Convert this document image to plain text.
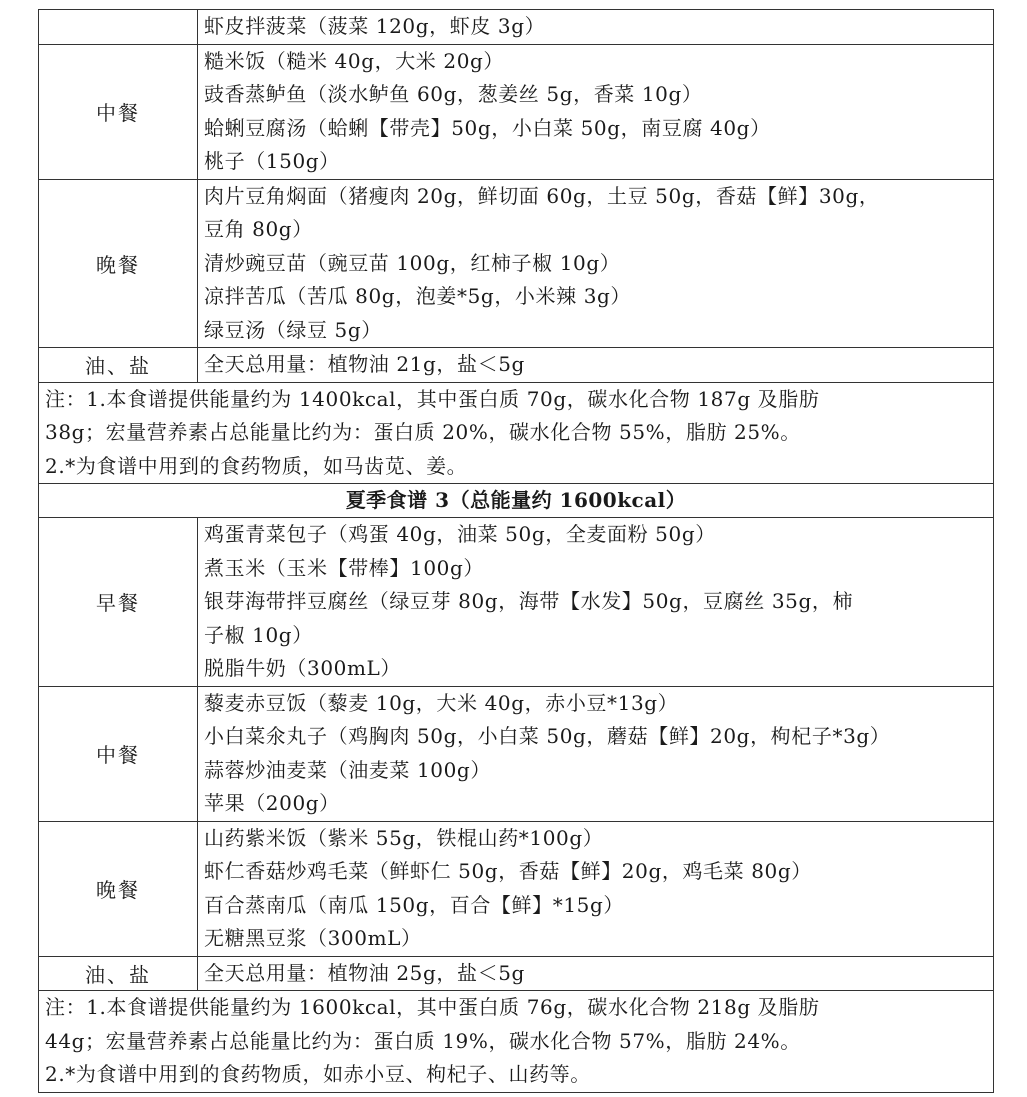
	虾皮拌菠菜（菠菜 120g，虾皮 3g）

中餐	糙米饭（糙米 40g，大米 20g）
豉香蒸鲈鱼（淡水鲈鱼 60g，葱姜丝 5g，香菜 10g）
蛤蜊豆腐汤（蛤蜊【带壳】50g，小白菜 50g，南豆腐 40g）
桃子（150g）

晚餐	肉片豆角焖面（猪瘦肉 20g，鲜切面 60g，土豆 50g，香菇【鲜】30g，
豆角 80g）
清炒豌豆苗（豌豆苗 100g，红柿子椒 10g）
凉拌苦瓜（苦瓜 80g，泡姜*5g，小米辣 3g）
绿豆汤（绿豆 5g）

油、盐	全天总用量：植物油 21g，盐＜5g

注：1.本食谱提供能量约为 1400kcal，其中蛋白质 70g，碳水化合物 187g 及脂肪
38g；宏量营养素占总能量比约为：蛋白质 20%，碳水化合物 55%，脂肪 25%。
2.*为食谱中用到的食药物质，如马齿苋、姜。	

夏季食谱 3（总能量约 1600kcal）	
早餐	鸡蛋青菜包子（鸡蛋 40g，油菜 50g，全麦面粉 50g）
煮玉米（玉米【带棒】100g）
银芽海带拌豆腐丝（绿豆芽 80g，海带【水发】50g，豆腐丝 35g，柿
子椒 10g）
脱脂牛奶（300mL）

中餐	藜麦赤豆饭（藜麦 10g，大米 40g，赤小豆*13g）
小白菜氽丸子（鸡胸肉 50g，小白菜 50g，蘑菇【鲜】20g，枸杞子*3g）
蒜蓉炒油麦菜（油麦菜 100g）
苹果（200g）

晚餐	山药紫米饭（紫米 55g，铁棍山药*100g）
虾仁香菇炒鸡毛菜（鲜虾仁 50g，香菇【鲜】20g，鸡毛菜 80g）
百合蒸南瓜（南瓜 150g，百合【鲜】*15g）
无糖黑豆浆（300mL）

油、盐	全天总用量：植物油 25g，盐＜5g

注：1.本食谱提供能量约为 1600kcal，其中蛋白质 76g，碳水化合物 218g 及脂肪
44g；宏量营养素占总能量比约为：蛋白质 19%，碳水化合物 57%，脂肪 24%。
2.*为食谱中用到的食药物质，如赤小豆、枸杞子、山药等。	
